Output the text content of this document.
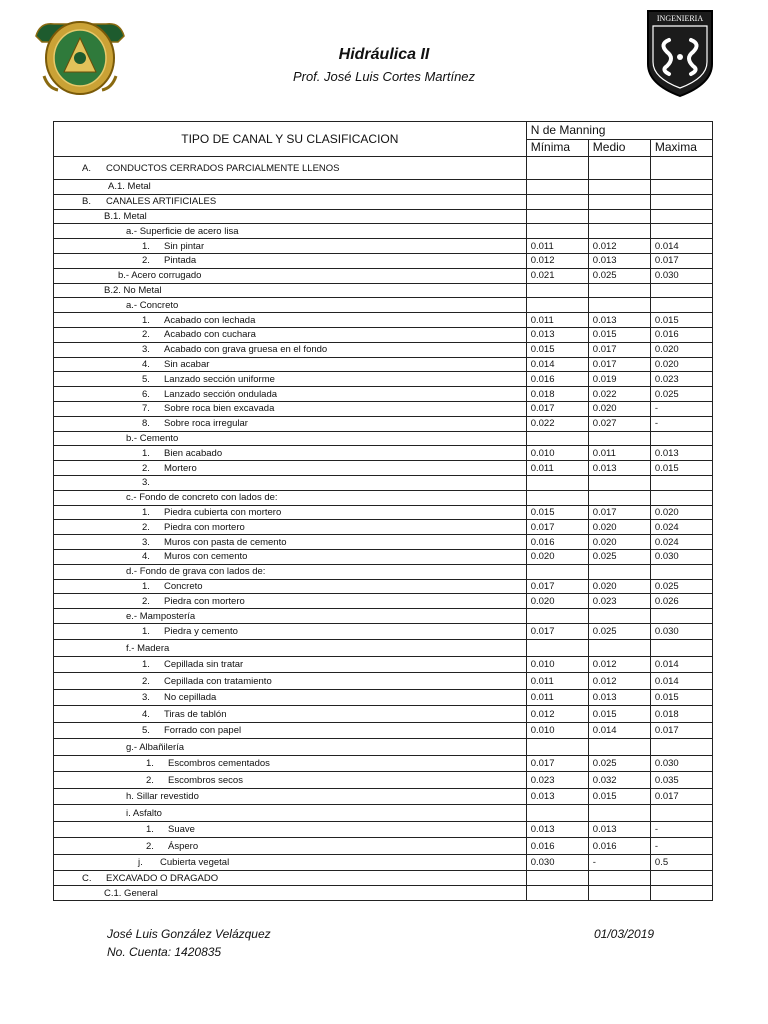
INGENIERIA
Hidráulica II
Prof. José Luis Cortes Martínez
TIPO DE CANAL Y SU CLASIFICACION	N de Manning		
	Mínima	Medio	Maxima
A. CONDUCTOS CERRADOS PARCIALMENTE LLENOS			
A.1. Metal			
B. CANALES ARTIFICIALES			
B.1. Metal			
a.- Superficie de acero lisa			
1. Sin pintar	0.011	0.012	0.014
2. Pintada	0.012	0.013	0.017
b.- Acero corrugado	0.021	0.025	0.030
B.2. No Metal			
a.- Concreto			
1. Acabado con lechada	0.011	0.013	0.015
2. Acabado con cuchara	0.013	0.015	0.016
3. Acabado con grava gruesa en el fondo	0.015	0.017	0.020
4. Sin acabar	0.014	0.017	0.020
5. Lanzado sección uniforme	0.016	0.019	0.023
6. Lanzado sección ondulada	0.018	0.022	0.025
7. Sobre roca bien excavada	0.017	0.020	-
8. Sobre roca irregular	0.022	0.027	-
b.- Cemento			
1. Bien acabado	0.010	0.011	0.013
2. Mortero	0.011	0.013	0.015
3.			
c.- Fondo de concreto con lados de:			
1. Piedra cubierta con mortero	0.015	0.017	0.020
2. Piedra con mortero	0.017	0.020	0.024
3. Muros con pasta de cemento	0.016	0.020	0.024
4. Muros con cemento	0.020	0.025	0.030
d.- Fondo de grava con lados de:			
1. Concreto	0.017	0.020	0.025
2. Piedra con mortero	0.020	0.023	0.026
e.- Mampostería			
1. Piedra y cemento	0.017	0.025	0.030
f.- Madera			
1. Cepillada sin tratar	0.010	0.012	0.014
2. Cepillada con tratamiento	0.011	0.012	0.014
3. No cepillada	0.011	0.013	0.015
4. Tiras de tablón	0.012	0.015	0.018
5. Forrado con papel	0.010	0.014	0.017
g.- Albañilería			
1. Escombros cementados	0.017	0.025	0.030
2. Escombros secos	0.023	0.032	0.035
h. Sillar revestido	0.013	0.015	0.017
i. Asfalto			
1. Suave	0.013	0.013	-
2. Áspero	0.016	0.016	-
j. Cubierta vegetal	0.030	-	0.5
C. EXCAVADO O DRAGADO			
C.1. General			
José Luis González Velázquez
No. Cuenta: 1420835
01/03/2019
